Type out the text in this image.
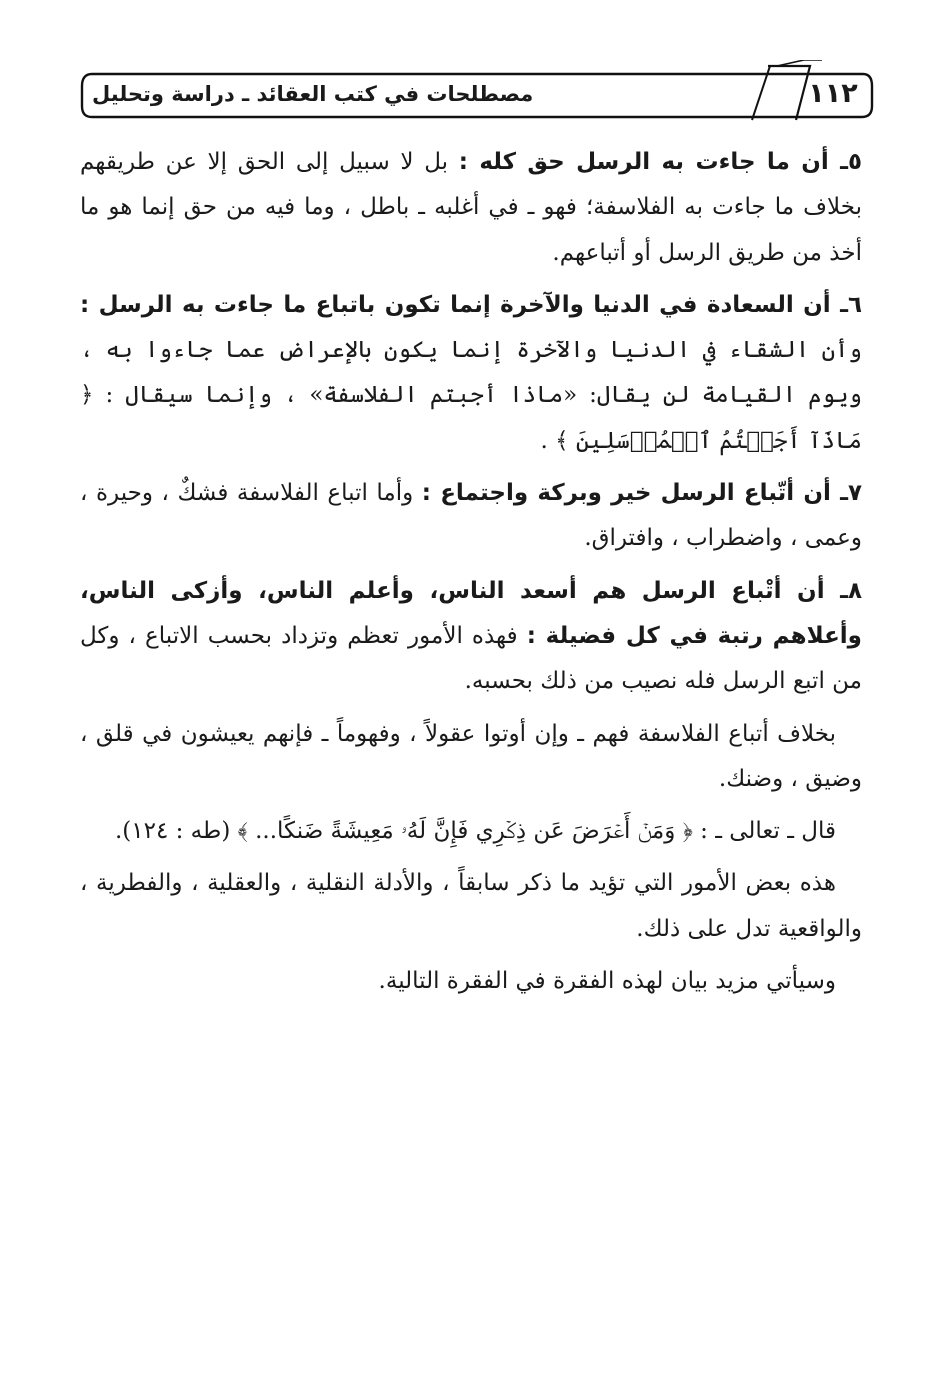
مصطلحات في كتب العقائد ـ دراسة وتحليل	١١٢

٥ـ أن ما جاءت به الرسل حق كله : بل لا سبيل إلى الحق إلا عن طريقهم بخلاف ما جاءت به الفلاسفة؛ فهو ـ في أغلبه ـ باطل ، وما فيه من حق إنما هو ما أخذ من طريق الرسل أو أتباعهم.

٦ـ أن السعادة في الدنيا والآخرة إنما تكون باتباع ما جاءت به الرسل : وأن الشقاء في الدنيا والآخرة إنما يكون بالإعراض عما جاءوا به ، ويوم القيامة لن يقال: «ماذا أجبتم الفلاسفة» ، وإنما سيقال : ﴿ مَاذَآ أَجَبۡتُمُ ٱلۡمُرۡسَلِينَ ﴾ .

٧ـ أن أتّباع الرسل خير وبركة واجتماع : وأما اتباع الفلاسفة فشكٌ ، وحيرة ، وعمى ، واضطراب ، وافتراق.

٨ـ أن أتْباع الرسل هم أسعد الناس، وأعلم الناس، وأزكى الناس، وأعلاهم رتبة في كل فضيلة : فهذه الأمور تعظم وتزداد بحسب الاتباع ، وكل من اتبع الرسل فله نصيب من ذلك بحسبه.

بخلاف أتباع الفلاسفة فهم ـ وإن أوتوا عقولاً ، وفهوماً ـ فإنهم يعيشون في قلق ، وضيق ، وضنك.

قال ـ تعالى ـ : ﴿ وَمَنۡ أَعۡرَضَ عَن ذِكۡرِي فَإِنَّ لَهُۥ مَعِيشَةً ضَنكًا... ﴾ (طه : ١٢٤).

هذه بعض الأمور التي تؤيد ما ذكر سابقاً ، والأدلة النقلية ، والعقلية ، والفطرية ، والواقعية تدل على ذلك.

وسيأتي مزيد بيان لهذه الفقرة في الفقرة التالية.
